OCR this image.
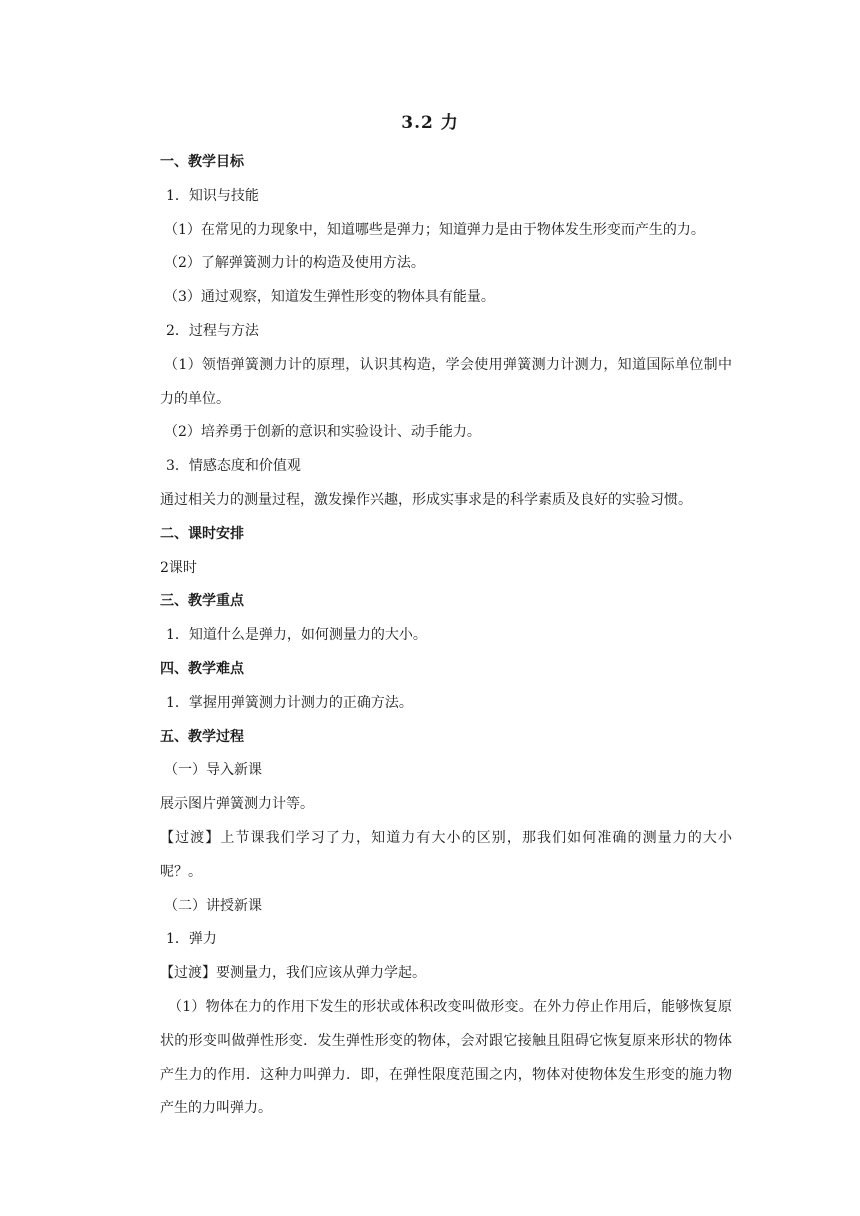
3.2 力

一、教学目标

1．知识与技能

（1）在常见的力现象中，知道哪些是弹力；知道弹力是由于物体发生形变而产生的力。

（2）了解弹簧测力计的构造及使用方法。

（3）通过观察，知道发生弹性形变的物体具有能量。

2．过程与方法

（1）领悟弹簧测力计的原理，认识其构造，学会使用弹簧测力计测力，知道国际单位制中力的单位。

（2）培养勇于创新的意识和实验设计、动手能力。

3．情感态度和价值观

通过相关力的测量过程，激发操作兴趣，形成实事求是的科学素质及良好的实验习惯。

二、课时安排

2课时

三、教学重点

1．知道什么是弹力，如何测量力的大小。

四、教学难点

1．掌握用弹簧测力计测力的正确方法。

五、教学过程

（一）导入新课

展示图片弹簧测力计等。

【过渡】上节课我们学习了力，知道力有大小的区别，那我们如何准确的测量力的大小呢？。

（二）讲授新课

1．弹力

【过渡】要测量力，我们应该从弹力学起。

（1）物体在力的作用下发生的形状或体积改变叫做形变。在外力停止作用后，能够恢复原状的形变叫做弹性形变．发生弹性形变的物体，会对跟它接触且阻碍它恢复原来形状的物体产生力的作用．这种力叫弹力．即，在弹性限度范围之内，物体对使物体发生形变的施力物产生的力叫弹力。
